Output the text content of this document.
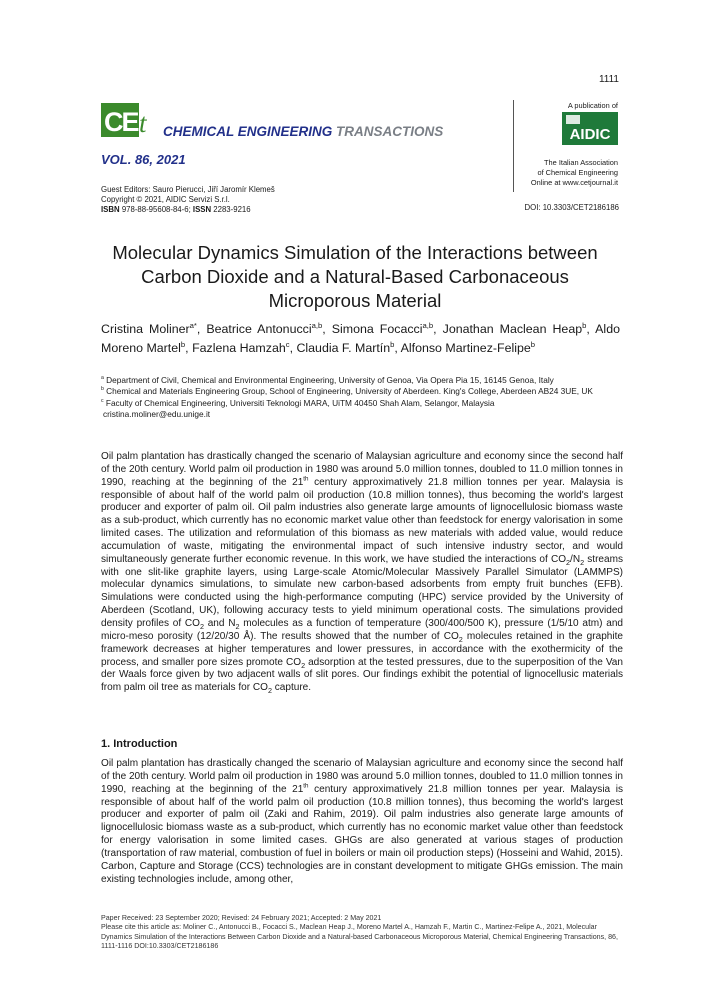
1111
CE t CHEMICAL ENGINEERING TRANSACTIONS
VOL. 86, 2021
A publication of
The Italian Association
of Chemical Engineering
Online at www.cetjournal.it
AIDIC
Guest Editors: Sauro Pierucci, Jiří Jaromír Klemeš
Copyright © 2021, AIDIC Servizi S.r.l.
ISBN 978-88-95608-84-6; ISSN 2283-9216	DOI: 10.3303/CET2186186
Molecular Dynamics Simulation of the Interactions between
Carbon Dioxide and a Natural-Based Carbonaceous
Microporous Material
Cristina Moliner$^{a*}$, Beatrice Antonucci$^{a,b}$, Simona Focacci$^{a,b}$, Jonathan Maclean Heap$^b$, Aldo Moreno Martel$^b$, Fazlena Hamzah$^c$, Claudia F. Martín$^b$, Alfonso Martinez-Felipe$^b$

$^a$ Department of Civil, Chemical and Environmental Engineering, University of Genoa, Via Opera Pia 15, 16145 Genoa, Italy

$^b$ Chemical and Materials Engineering Group, School of Engineering, University of Aberdeen. King's College, Aberdeen AB24 3UE, UK

$^c$ Faculty of Chemical Engineering, Universiti Teknologi MARA, UiTM 40450 Shah Alam, Selangor, Malaysia

cristina.moliner@edu.unige.it

Oil palm plantation has drastically changed the scenario of Malaysian agriculture and economy since the second half of the 20th century. World palm oil production in 1980 was around 5.0 million tonnes, doubled to 11.0 million tonnes in 1990, reaching at the beginning of the 21th century approximatively 21.8 million tonnes per year. Malaysia is responsible of about half of the world palm oil production (10.8 million tonnes), thus becoming the world's largest producer and exporter of palm oil. Oil palm industries also generate large amounts of lignocellulosic biomass waste as a sub-product, which currently has no economic market value other than feedstock for energy valorisation in some limited cases. The utilization and reformulation of this biomass as new materials with added value, would reduce accumulation of waste, mitigating the environmental impact of such intensive industry sector, and would simultaneously generate further economic revenue. In this work, we have studied the interactions of $CO_2/N_2$ streams with one slit-like graphite layers, using Large-scale Atomic/Molecular Massively Parallel Simulator (LAMMPS) molecular dynamics simulations, to simulate new carbon-based adsorbents from empty fruit bunches (EFB). Simulations were conducted using the high-performance computing (HPC) service provided by the University of Aberdeen (Scotland, UK), following accuracy tests to yield minimum operational costs. The simulations provided density profiles of $CO_2$ and $N_2$ molecules as a function of temperature (300/400/500 K), pressure (1/5/10 atm) and micro-meso porosity (12/20/30 Å). The results showed that the number of $CO_2$ molecules retained in the graphite framework decreases at higher temperatures and lower pressures, in accordance with the exothermicity of the process, and smaller pore sizes promote $CO_2$ adsorption at the tested pressures, due to the superposition of the Van der Waals force given by two adjacent walls of slit pores. Our findings exhibit the potential of lignocellusic materials from palm oil tree as materials for $CO_2$ capture.

1. Introduction

Oil palm plantation has drastically changed the scenario of Malaysian agriculture and economy since the second half of the 20th century. World palm oil production in 1980 was around 5.0 million tonnes, doubled to 11.0 million tonnes in 1990, reaching at the beginning of the 21th century approximatively 21.8 million tonnes per year. Malaysia is responsible of about half of the world palm oil production (10.8 million tonnes), thus becoming the world's largest producer and exporter of palm oil (Zaki and Rahim, 2019). Oil palm industries also generate large amounts of lignocellulosic biomass waste as a sub-product, which currently has no economic market value other than feedstock for energy valorisation in some limited cases. GHGs are also generated at various stages of production (transportation of raw material, combustion of fuel in boilers or main oil production steps) (Hosseini and Wahid, 2015). Carbon, Capture and Storage (CCS) technologies are in constant development to mitigate GHGs emission. The main existing technologies include, among other,

Paper Received: 23 September 2020; Revised: 24 February 2021; Accepted: 2 May 2021
Please cite this article as: Moliner C., Antonucci B., Focacci S., Maclean Heap J., Moreno Martel A., Hamzah F., Martin C., Martinez-Felipe A., 2021, Molecular Dynamics Simulation of the Interactions Between Carbon Dioxide and a Natural-based Carbonaceous Microporous Material, Chemical Engineering Transactions, 86, 1111-1116 DOI:10.3303/CET2186186
